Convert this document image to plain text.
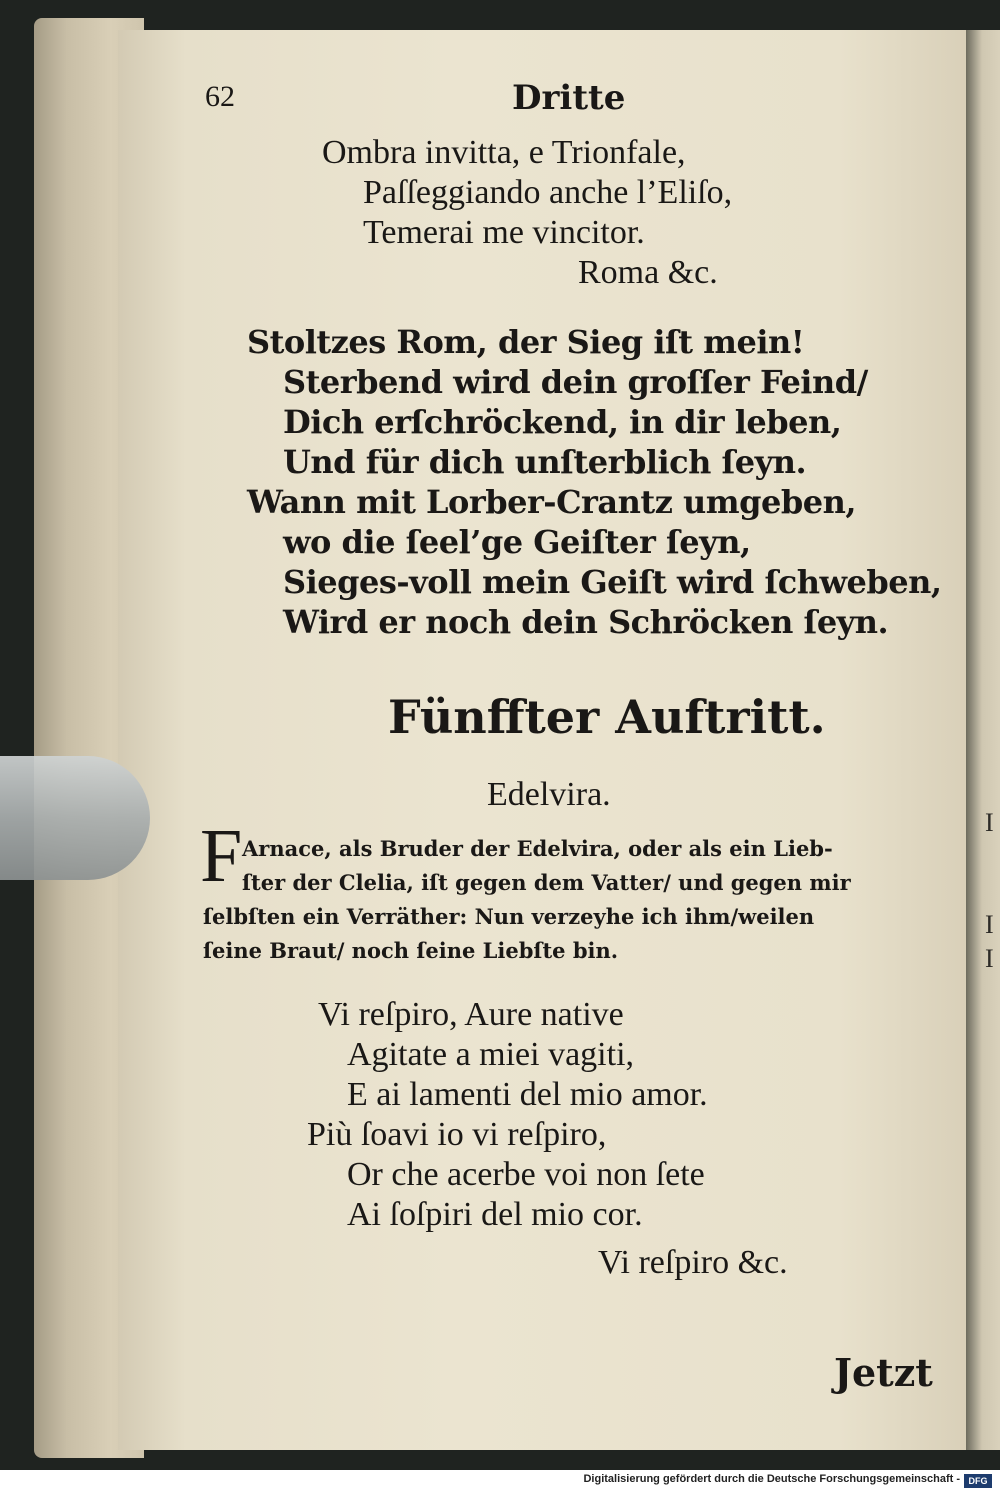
62	Dritte
Ombra invitta, e Trionfale,
Paſſeggiando anche l’Eliſo,
Temerai me vincitor.
Roma &c.
Stoltzes Rom, der Sieg iſt mein!
Sterbend wird dein groſſer Feind/
Dich erſchröckend, in dir leben,
Und für dich unſterblich ſeyn.
Wann mit Lorber-Crantz umgeben,
wo die ſeel’ge Geiſter ſeyn,
Sieges-voll mein Geiſt wird ſchweben,
Wird er noch dein Schröcken ſeyn.
Fünffter Auftritt.
Edelvira.
F Arnace, als Bruder der Edelvira, oder als ein Lieb-
ſter der Clelia, iſt gegen dem Vatter/ und gegen mir
ſelbſten ein Verräther: Nun verzeyhe ich ihm/weilen
ſeine Braut/ noch ſeine Liebſte bin.
Vi reſpiro, Aure native
Agitate a miei vagiti,
E ai lamenti del mio amor.
Più ſoavi io vi reſpiro,
Or che acerbe voi non ſete
Ai ſoſpiri del mio cor.
Vi reſpiro &c.
Jetzt
I
I
I
Digitalisierung gefördert durch die Deutsche Forschungsgemeinschaft - DFG
